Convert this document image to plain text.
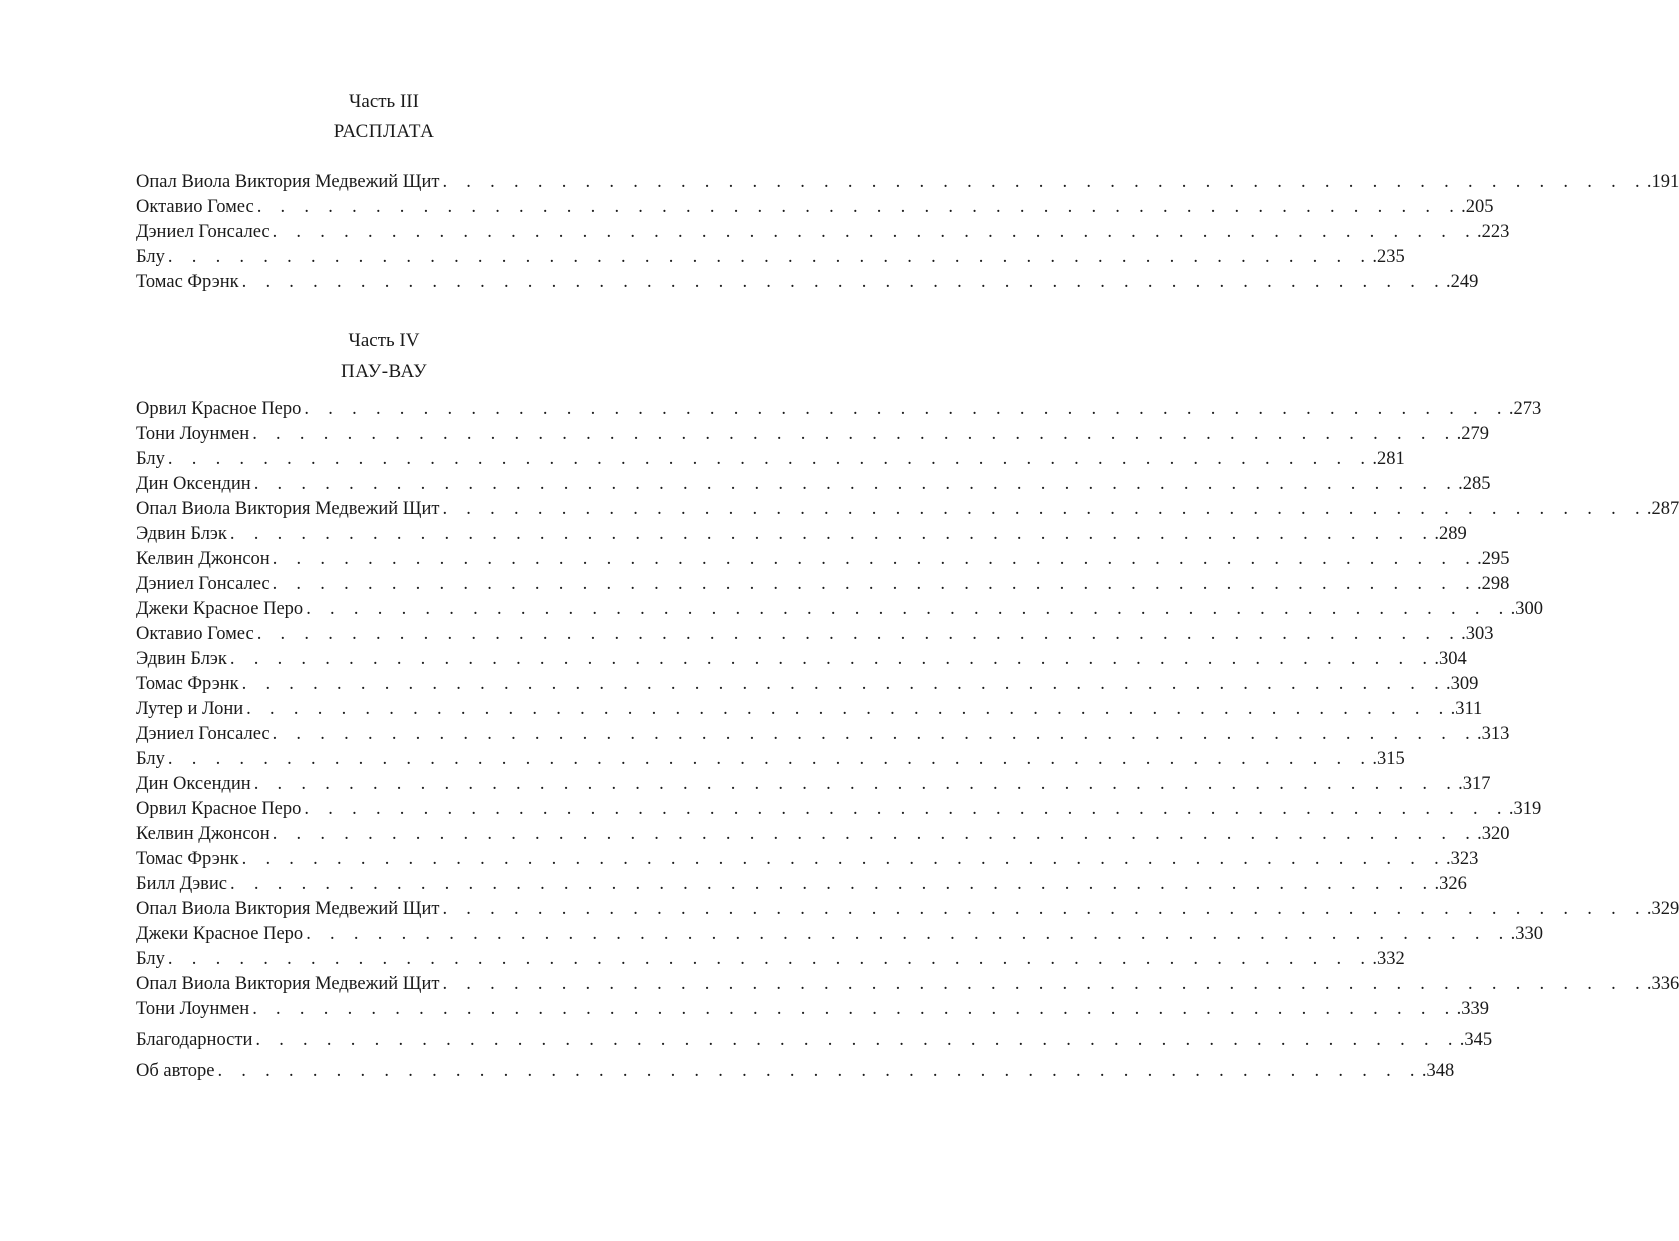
Часть III
РАСПЛАТА
Опал Виола Виктория Медвежий Щит . . . . . . . . . . . . . . . . . . . . . . . . . . . . . . . . . . . . . . . . . . . . . . . . . . . .191
Октавио Гомес . . . . . . . . . . . . . . . . . . . . . . . . . . . . . . . . . . . . . . . . . . . . . . . . . . . .205
Дэниел Гонсалес . . . . . . . . . . . . . . . . . . . . . . . . . . . . . . . . . . . . . . . . . . . . . . . . . . . .223
Блу . . . . . . . . . . . . . . . . . . . . . . . . . . . . . . . . . . . . . . . . . . . . . . . . . . . .235
Томас Фрэнк . . . . . . . . . . . . . . . . . . . . . . . . . . . . . . . . . . . . . . . . . . . . . . . . . . . .249
Часть IV
ПАУ-ВАУ
Орвил Красное Перо . . . . . . . . . . . . . . . . . . . . . . . . . . . . . . . . . . . . . . . . . . . . . . . . . . . .273
Тони Лоунмен . . . . . . . . . . . . . . . . . . . . . . . . . . . . . . . . . . . . . . . . . . . . . . . . . . . .279
Блу . . . . . . . . . . . . . . . . . . . . . . . . . . . . . . . . . . . . . . . . . . . . . . . . . . . .281
Дин Оксендин . . . . . . . . . . . . . . . . . . . . . . . . . . . . . . . . . . . . . . . . . . . . . . . . . . . .285
Опал Виола Виктория Медвежий Щит . . . . . . . . . . . . . . . . . . . . . . . . . . . . . . . . . . . . . . . . . . . . . . . . . . . .287
Эдвин Блэк . . . . . . . . . . . . . . . . . . . . . . . . . . . . . . . . . . . . . . . . . . . . . . . . . . . .289
Келвин Джонсон . . . . . . . . . . . . . . . . . . . . . . . . . . . . . . . . . . . . . . . . . . . . . . . . . . . .295
Дэниел Гонсалес . . . . . . . . . . . . . . . . . . . . . . . . . . . . . . . . . . . . . . . . . . . . . . . . . . . .298
Джеки Красное Перо . . . . . . . . . . . . . . . . . . . . . . . . . . . . . . . . . . . . . . . . . . . . . . . . . . . .300
Октавио Гомес . . . . . . . . . . . . . . . . . . . . . . . . . . . . . . . . . . . . . . . . . . . . . . . . . . . .303
Эдвин Блэк . . . . . . . . . . . . . . . . . . . . . . . . . . . . . . . . . . . . . . . . . . . . . . . . . . . .304
Томас Фрэнк . . . . . . . . . . . . . . . . . . . . . . . . . . . . . . . . . . . . . . . . . . . . . . . . . . . .309
Лутер и Лони . . . . . . . . . . . . . . . . . . . . . . . . . . . . . . . . . . . . . . . . . . . . . . . . . . . .311
Дэниел Гонсалес . . . . . . . . . . . . . . . . . . . . . . . . . . . . . . . . . . . . . . . . . . . . . . . . . . . .313
Блу . . . . . . . . . . . . . . . . . . . . . . . . . . . . . . . . . . . . . . . . . . . . . . . . . . . .315
Дин Оксендин . . . . . . . . . . . . . . . . . . . . . . . . . . . . . . . . . . . . . . . . . . . . . . . . . . . .317
Орвил Красное Перо . . . . . . . . . . . . . . . . . . . . . . . . . . . . . . . . . . . . . . . . . . . . . . . . . . . .319
Келвин Джонсон . . . . . . . . . . . . . . . . . . . . . . . . . . . . . . . . . . . . . . . . . . . . . . . . . . . .320
Томас Фрэнк . . . . . . . . . . . . . . . . . . . . . . . . . . . . . . . . . . . . . . . . . . . . . . . . . . . .323
Билл Дэвис . . . . . . . . . . . . . . . . . . . . . . . . . . . . . . . . . . . . . . . . . . . . . . . . . . . .326
Опал Виола Виктория Медвежий Щит . . . . . . . . . . . . . . . . . . . . . . . . . . . . . . . . . . . . . . . . . . . . . . . . . . . .329
Джеки Красное Перо . . . . . . . . . . . . . . . . . . . . . . . . . . . . . . . . . . . . . . . . . . . . . . . . . . . .330
Блу . . . . . . . . . . . . . . . . . . . . . . . . . . . . . . . . . . . . . . . . . . . . . . . . . . . .332
Опал Виола Виктория Медвежий Щит . . . . . . . . . . . . . . . . . . . . . . . . . . . . . . . . . . . . . . . . . . . . . . . . . . . .336
Тони Лоунмен . . . . . . . . . . . . . . . . . . . . . . . . . . . . . . . . . . . . . . . . . . . . . . . . . . . .339
Благодарности . . . . . . . . . . . . . . . . . . . . . . . . . . . . . . . . . . . . . . . . . . . . . . . . . . . .345
Об авторе . . . . . . . . . . . . . . . . . . . . . . . . . . . . . . . . . . . . . . . . . . . . . . . . . . . .348
